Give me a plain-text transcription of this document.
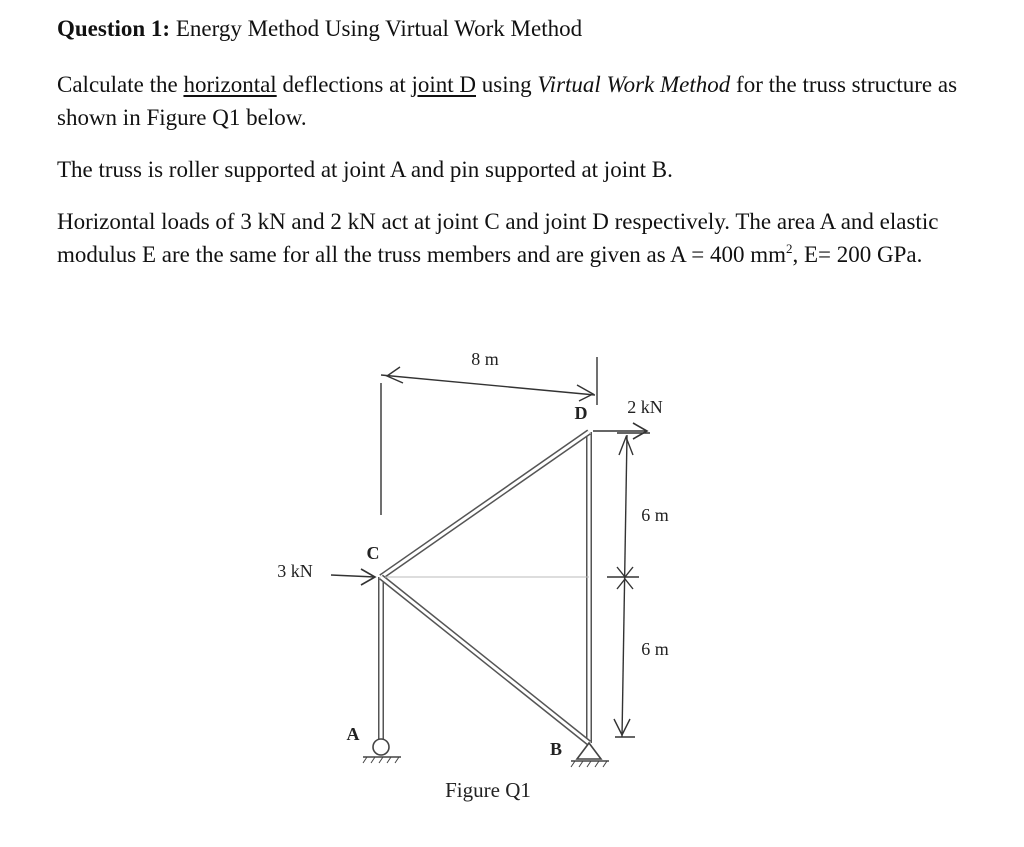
Question 1: Energy Method Using Virtual Work Method

Calculate the horizontal deflections at joint D using Virtual Work Method for the truss structure as shown in Figure Q1 below.

The truss is roller supported at joint A and pin supported at joint B.

Horizontal loads of 3 kN and 2 kN act at joint C and joint D respectively. The area A and elastic modulus E are the same for all the truss members and are given as A = 400 $mm^2$, E= 200 GPa.

8 m
6 m
6 m
D
C
A
B
2 kN
3 kN
Figure Q1
